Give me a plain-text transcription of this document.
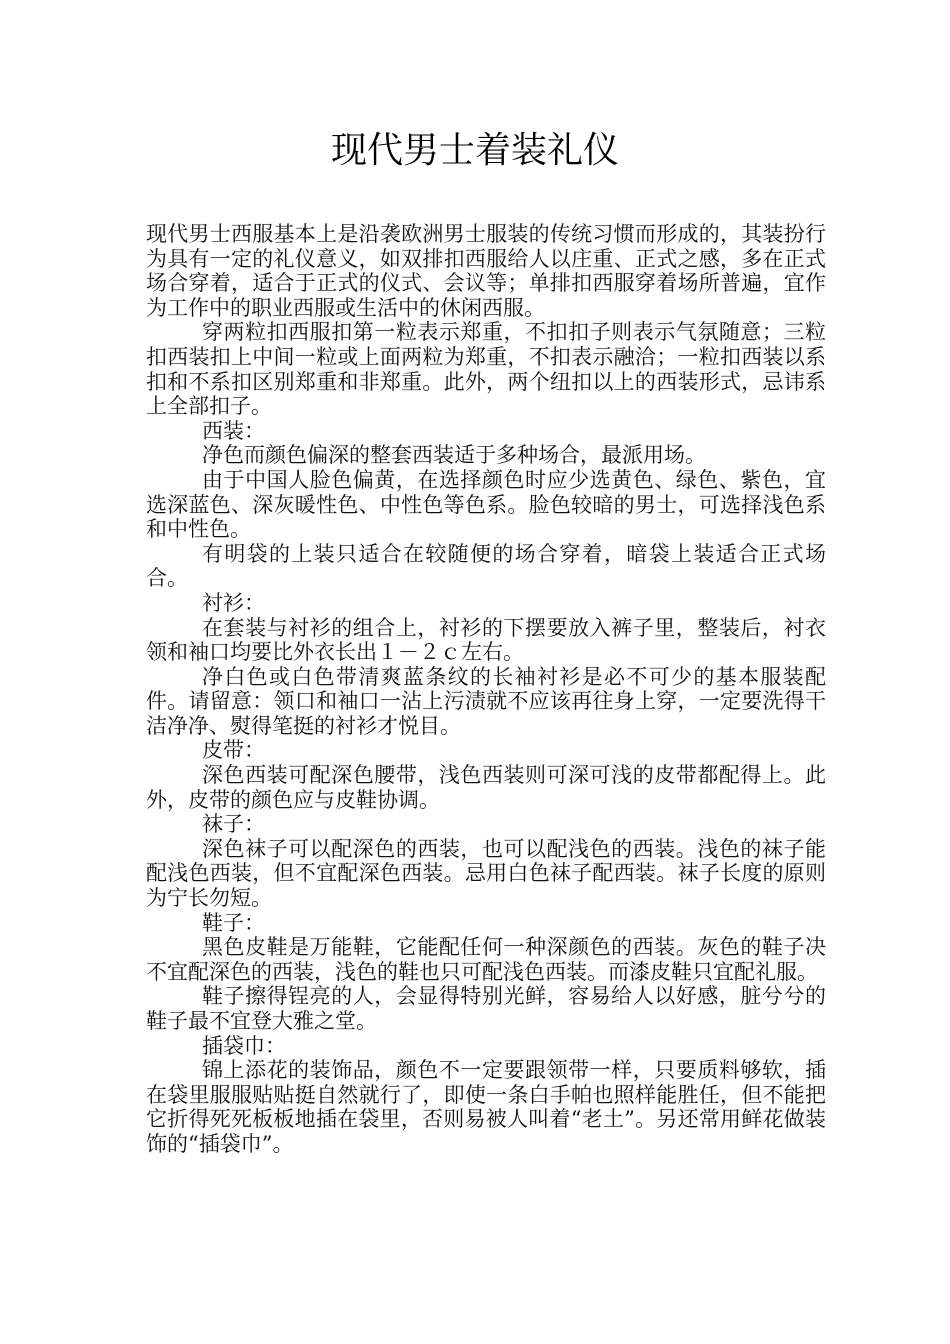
现代男士着装礼仪

现代男士西服基本上是沿袭欧洲男士服装的传统习惯而形成的，其装扮行为具有一定的礼仪意义，如双排扣西服给人以庄重、正式之感，多在正式场合穿着，适合于正式的仪式、会议等；单排扣西服穿着场所普遍，宜作为工作中的职业西服或生活中的休闲西服。

穿两粒扣西服扣第一粒表示郑重，不扣扣子则表示气氛随意；三粒扣西装扣上中间一粒或上面两粒为郑重，不扣表示融洽；一粒扣西装以系扣和不系扣区别郑重和非郑重。此外，两个纽扣以上的西装形式，忌讳系上全部扣子。

西装：

净色而颜色偏深的整套西装适于多种场合，最派用场。

由于中国人脸色偏黄，在选择颜色时应少选黄色、绿色、紫色，宜选深蓝色、深灰暖性色、中性色等色系。脸色较暗的男士，可选择浅色系和中性色。

有明袋的上装只适合在较随便的场合穿着，暗袋上装适合正式场合。

衬衫：

在套装与衬衫的组合上，衬衫的下摆要放入裤子里，整装后，衬衣领和袖口均要比外衣长出１－２ｃ左右。

净白色或白色带清爽蓝条纹的长袖衬衫是必不可少的基本服装配件。请留意：领口和袖口一沾上污渍就不应该再往身上穿，一定要洗得干洁净净、熨得笔挺的衬衫才悦目。

皮带：

深色西装可配深色腰带，浅色西装则可深可浅的皮带都配得上。此外，皮带的颜色应与皮鞋协调。

袜子：

深色袜子可以配深色的西装，也可以配浅色的西装。浅色的袜子能配浅色西装，但不宜配深色西装。忌用白色袜子配西装。袜子长度的原则为宁长勿短。

鞋子：

黑色皮鞋是万能鞋，它能配任何一种深颜色的西装。灰色的鞋子决不宜配深色的西装，浅色的鞋也只可配浅色西装。而漆皮鞋只宜配礼服。

鞋子擦得锃亮的人，会显得特别光鲜，容易给人以好感，脏兮兮的鞋子最不宜登大雅之堂。

插袋巾：

锦上添花的装饰品，颜色不一定要跟领带一样，只要质料够软，插在袋里服服贴贴挺自然就行了，即使一条白手帕也照样能胜任，但不能把它折得死死板板地插在袋里，否则易被人叫着“老土”。另还常用鲜花做装饰的“插袋巾”。
